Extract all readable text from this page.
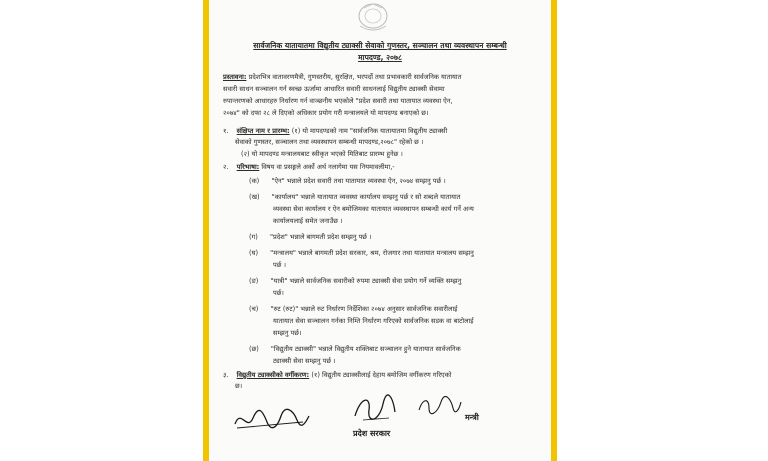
सार्वजनिक यातायातमा विद्युतीय ट्याक्सी सेवाको गुणस्तर, सञ्चालन तथा व्यवस्थापन सम्बन्धी
मापदण्ड, २०७८
प्रस्तावना: प्रदेशभित्र वातावरणमैत्री, गुणस्तरीय, सुरक्षित, भरपर्दो तथा प्रभावकारी सार्वजनिक यातायात
सवारी साधन सञ्चालन गर्न स्वच्छ ऊर्जामा आधारित सवारी साधनलाई विद्युतीय ट्याक्सी सेवामा
रुपान्तरणको आधारहरु निर्धारण गर्न वाञ्छनीय भएकोले "प्रदेश सवारी तथा यातायात व्यवस्था ऐन,
२०७४" को दफा २८ ले दिएको अधिकार प्रयोग गरी मन्त्रालयले यो मापदण्ड बनाएको छ।
१. संक्षिप्त नाम र प्रारम्भ: (१) यो मापदण्डको नाम "सार्वजनिक यातायातमा विद्युतीय ट्याक्सी
सेवाको गुणस्तर, सञ्चालन तथा व्यवस्थापन सम्बन्धी मापदण्ड,२०७८" रहेको छ ।
(२) यो मापदण्ड मन्त्रालयबाट स्वीकृत भएको मितिबाट प्रारम्भ हुनेछ ।
२. परिभाषा: विषय वा प्रसङ्गले अर्को अर्थ नलागेमा यस नियमावलीमा,-
(क) "ऐन" भन्नाले प्रदेश सवारी तथा यातायात व्यवस्था ऐन, २०७४ सम्झनु पर्छ ।
(ख) "कार्यालय" भन्नाले यातायात व्यवस्था कार्यालय सम्झनु पर्छ र सो शब्दले यातायात
व्यवस्था सेवा कार्यालय र ऐन बमोजिमका यातायात व्यवस्थापन सम्बन्धी कार्य गर्ने अन्य
कार्यालयलाई समेत जनाउँछ ।
(ग) "प्रदेश" भन्नाले बागमती प्रदेश सम्झनु पर्छ ।
(घ) "मन्त्रालय" भन्नाले बागमती प्रदेश सरकार, श्रम, रोजगार तथा यातायात मन्त्रालय सम्झनु
पर्छ ।
(ङ) "यात्री" भन्नाले सार्वजनिक सवारीको रुपमा ट्याक्सी सेवा प्रयोग गर्ने व्यक्ति सम्झनु
पर्छ।
(च) "रुट (रुट)" भन्नाले रुट निर्धारण निर्देशिका २०७४ अनुसार सार्वजनिक सवारीलाई
यातायात सेवा सञ्चालन गर्नका निम्ति निर्धारण गरिएको सार्वजनिक सडक वा बाटोलाई
सम्झनु पर्छ।
(छ) "विद्युतीय ट्याक्सी" भन्नाले विद्युतीय शक्तिबाट सञ्चालन हुने यातायात सार्वजनिक
ट्याक्सी सेवा सम्झनु पर्छ ।
३. विद्युतीय ट्याक्सीको वर्गीकरण: (१) विद्युतीय ट्याक्सीलाई देहाय बमोजिम वर्गीकरण गरिएको
छ।
प्रदेश सरकार
मन्त्री
